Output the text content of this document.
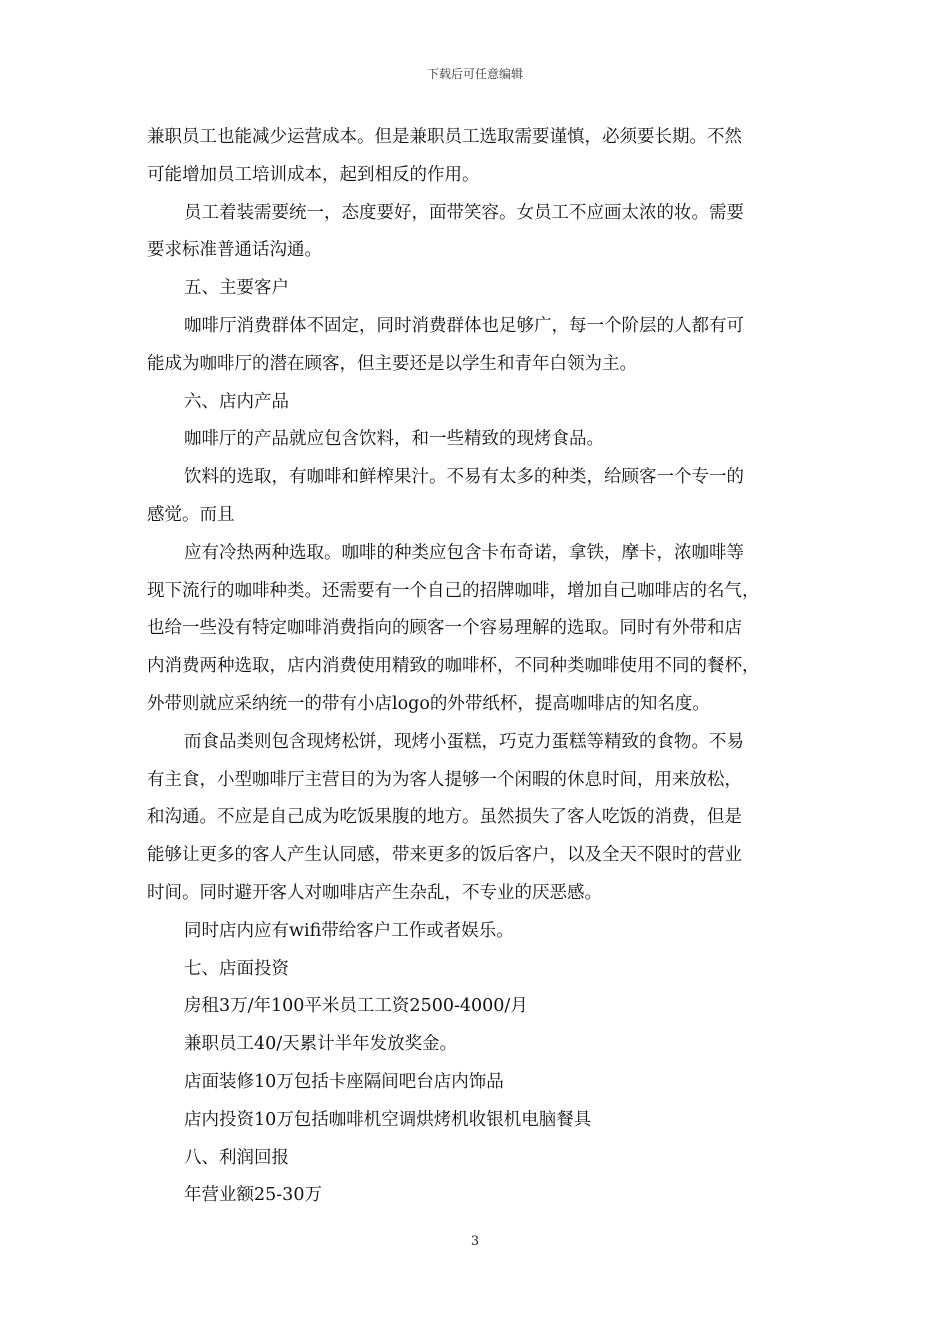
下载后可任意编辑

兼职员工也能减少运营成本。但是兼职员工选取需要谨慎，必须要长期。不然

可能增加员工培训成本，起到相反的作用。

员工着装需要统一，态度要好，面带笑容。女员工不应画太浓的妆。需要

要求标准普通话沟通。

五、主要客户

咖啡厅消费群体不固定，同时消费群体也足够广，每一个阶层的人都有可

能成为咖啡厅的潜在顾客，但主要还是以学生和青年白领为主。

六、店内产品

咖啡厅的产品就应包含饮料，和一些精致的现烤食品。

饮料的选取，有咖啡和鲜榨果汁。不易有太多的种类，给顾客一个专一的

感觉。而且

应有冷热两种选取。咖啡的种类应包含卡布奇诺，拿铁，摩卡，浓咖啡等

现下流行的咖啡种类。还需要有一个自己的招牌咖啡，增加自己咖啡店的名气，

也给一些没有特定咖啡消费指向的顾客一个容易理解的选取。同时有外带和店

内消费两种选取，店内消费使用精致的咖啡杯，不同种类咖啡使用不同的餐杯，

外带则就应采纳统一的带有小店logo的外带纸杯，提高咖啡店的知名度。

而食品类则包含现烤松饼，现烤小蛋糕，巧克力蛋糕等精致的食物。不易

有主食，小型咖啡厅主营目的为为客人提够一个闲暇的休息时间，用来放松，

和沟通。不应是自己成为吃饭果腹的地方。虽然损失了客人吃饭的消费，但是

能够让更多的客人产生认同感，带来更多的饭后客户，以及全天不限时的营业

时间。同时避开客人对咖啡店产生杂乱，不专业的厌恶感。

同时店内应有wifi带给客户工作或者娱乐。

七、店面投资

房租3万/年100平米员工工资2500-4000/月

兼职员工40/天累计半年发放奖金。

店面装修10万包括卡座隔间吧台店内饰品

店内投资10万包括咖啡机空调烘烤机收银机电脑餐具

八、利润回报

年营业额25-30万

3
